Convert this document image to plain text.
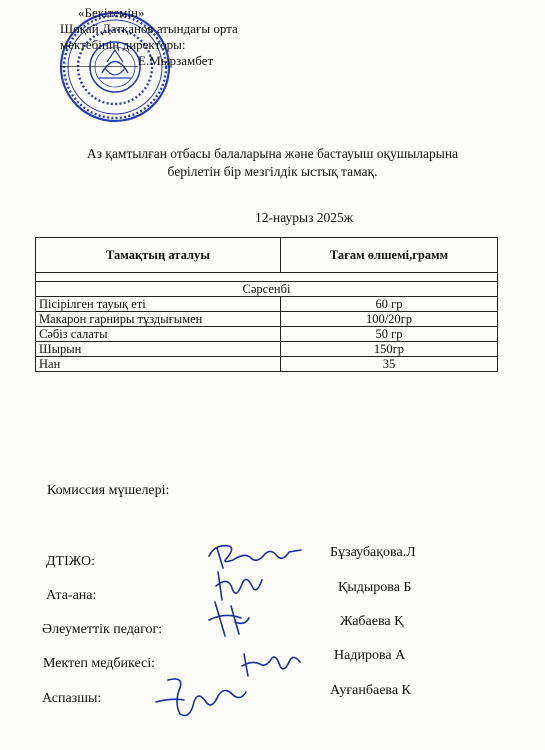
«Бекітемін»
Шоқай Датқанов атындағы орта
мектебінің директоры:
____________Е.Мырзамбет
Аз қамтылған отбасы балаларына және бастауыш оқушыларына
берілетін бір мезгілдік ыстық тамақ.
12-наурыз 2025ж
Тамақтың аталуы	Тағам өлшемі,грамм

Сәрсенбі	
Пісірілген тауық еті	60 гр
Макарон гарниры тұздығымен	100/20гр
Сәбіз салаты	50 гр
Шырын	150гр
Нан	35
Комиссия мүшелері:
ДТІЖО:
Бұзаубақова.Л
Ата-ана:
Қыдырова Б
Әлеуметтік педагог:
Жабаева Қ
Мектеп медбикесі:
Надирова А
Аспазшы:
Ауғанбаева К
